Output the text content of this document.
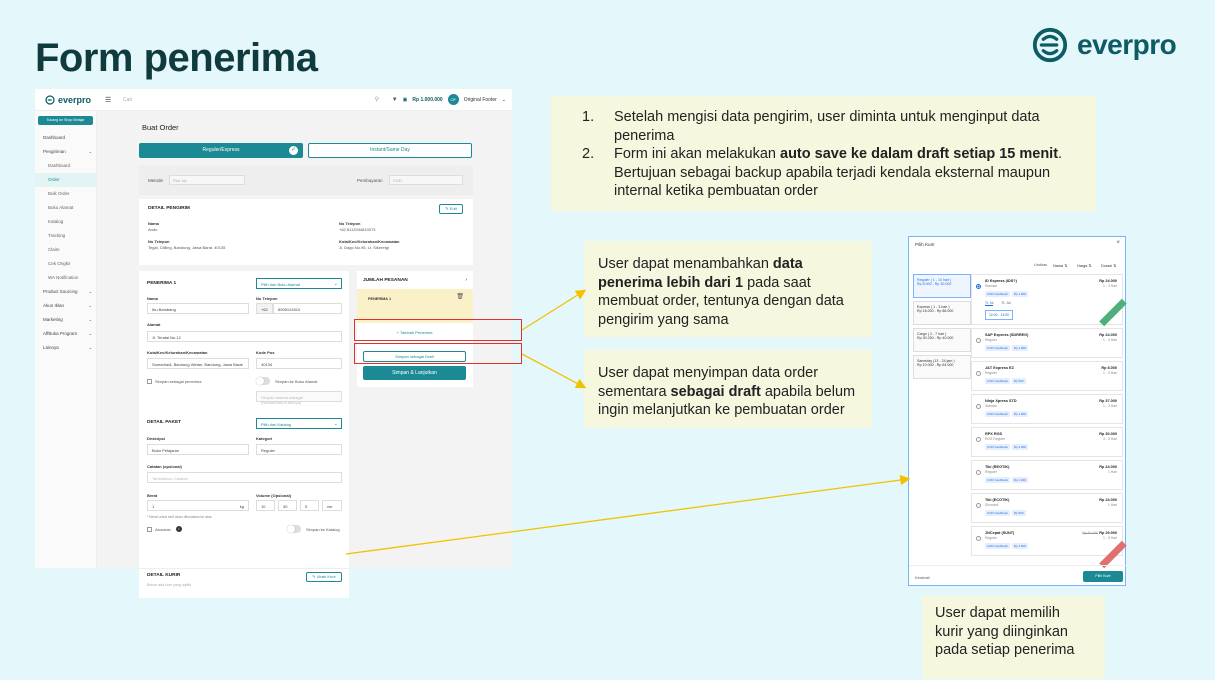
Form penerima	everpro
everpro ☰	Cari	⚲ ▼ ▣ Rp 1.000.000	OF	Original Footer ⌄
Tukang ke Shop Belajar
Dashboard
Pengiriman	⌄
Dashboard
Order
Bulk Order
Buku Alamat
Katalog
Tracking
Claim
Cek Ongkir
WA Notification
Product Sourcing	⌄
Akun Iklan	⌄
Marketing	⌄
AffBuka Program	⌄
Lainnya	⌄
Buat Order
Reguler/Express	✓	Instant/Same Day
Metode	Pick Up	Pembayaran	COD
DETAIL PENGIRIM	✎ Edit
Nama
Ando
No Telepon
+62 8113334810073
No Telepon
Tegal, Cililing, Bandung, Jawa Barat, 40135
Kota/Kec/Kelurahan/Kecamatan
Jl. Dago No.95, Lt. Sikeretgi
PENERIMA 1	Pilih dari Buku Alamat	⌄
Nama
Ibu Bambang
No Telepon
+62	8905124510
Alamat
Jl. Teratai No.12
Kota/Kec/Kelurahan/Kecamatan
Sumarhadi, Bandung Wetan, Bandung, Jawa Barat
Kode Pos
40134
Simpan sebagai penerima	Simpan ke Buku Alamat
Simpan alamat sebagai (Nama/Kamu/Lainnya)
DETAIL PAKET	Pilih dari Katalog	⌄
Deskripsi
Buku Pelajaran
Kategori
Reguler
Catatan (opsional)
Tambahkan Catatan
Berat
1	kg
Volume (Opsional)
10	30	5	cm
* Berat untuk tarif akan dibulatkan ke atas
Asuransi	i	Simpan ke Katalog
DETAIL KURIR	✎ Ubah Kurir
Belum ada kurir yang dipilih
JUMLAH PESANAN	›
PENERIMA 1	🗑
+ Tambah Penerima
Simpan sebagai Draft
Simpan & Lanjutkan
Pilih Kurir	×
Urutkan Nama ⇅	Harga ⇅ Durasi ⇅
Reguler ( 1 - 10 hari )
Rp 8.000 - Rp 30.000
Express ( 1 - 3 hari )
Rp 16.000 - Rp 86.000
Cargo ( 2 - 7 hari )
Rp 30.250 - Rp 40.000
Sameday (13 - 24 jam )
Rp 10.000 - Rp 64.000
ID Express (IDS?)
Standar
Rp 24.000
1 - 3 Hari
COD Cashback	Rp 1.000
Tr. Ini Tr. Jul
10:00 - 13:00
SAP Express (SDRREG)
Reguler
Rp 24.000
1 - 3 Hari
COD Cashback	Rp 1.000
J&T Express EZ
Reguler
Rp 8.000
1 - 3 Hari
COD Cashback	Rp 500
Ninja Xpress STD
Standar
Rp 37.000
1 - 3 Hari
COD Cashback	Rp 1.000
RPX RGS
RGS Reguler
Rp 30.000
3 - 3 Hari
COD Cashback	Rp 1.000
Tiki (REGTIK)
Reguler
Rp 24.000
1 Hari
COD Cashback	Rp 1.000
Tiki (ECOTIK)
Ekonomi
Rp 24.000
1 Hari
COD Cashback	Rp 500
JNCepat (SUNT)
Reguler
Rp 29.900
1 - 3 Hari
Rp 50.000
COD Cashback	Rp 1.500
Kembali	Pilih Kurir
1. Setelah mengisi data pengirim, user diminta untuk menginput data penerima
2. Form ini akan melakukan auto save ke dalam draft setiap 15 menit. Bertujuan sebagai backup apabila terjadi kendala eksternal maupun internal ketika pembuatan order
User dapat menambahkan data penerima lebih dari 1 pada saat membuat order, tentunya dengan data pengirim yang sama
User dapat menyimpan data order sementara sebagai draft apabila belum ingin melanjutkan ke pembuatan order
User dapat memilih kurir yang diinginkan pada setiap penerima
